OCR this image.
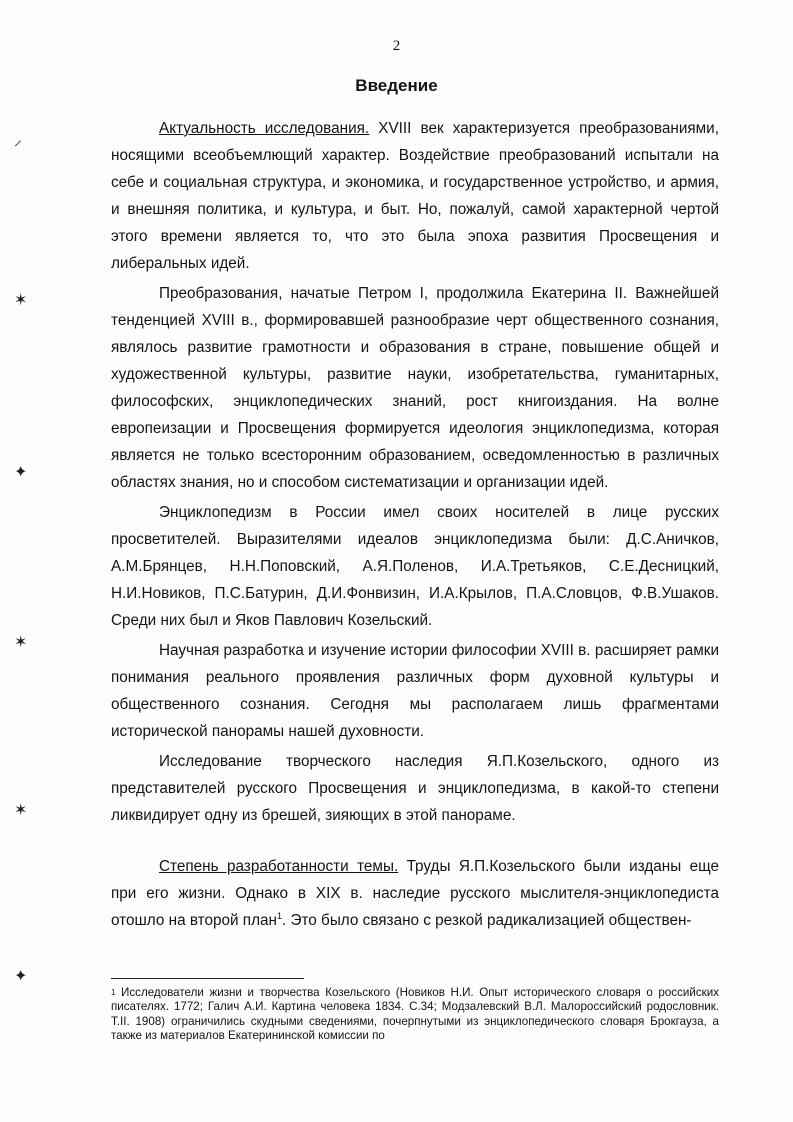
⸝
✶
✦
✶
✶
✦
2
Введение

Актуальность исследования. XVIII век характеризуется преобразованиями, носящими всеобъемлющий характер. Воздействие преобразований испытали на себе и социальная структура, и экономика, и государственное устройство, и армия, и внешняя политика, и культура, и быт. Но, пожалуй, самой характерной чертой этого времени является то, что это была эпоха развития Просвещения и либеральных идей.

Преобразования, начатые Петром I, продолжила Екатерина II. Важнейшей тенденцией XVIII в., формировавшей разнообразие черт общественного сознания, являлось развитие грамотности и образования в стране, повышение общей и художественной культуры, развитие науки, изобретательства, гуманитарных, философских, энциклопедических знаний, рост книгоиздания. На волне европеизации и Просвещения формируется идеология энциклопедизма, которая является не только всесторонним образованием, осведомленностью в различных областях знания, но и способом систематизации и организации идей.

Энциклопедизм в России имел своих носителей в лице русских просветителей. Выразителями идеалов энциклопедизма были: Д.С.Аничков, А.М.Брянцев, Н.Н.Поповский, А.Я.Поленов, И.А.Третьяков, С.Е.Десницкий, Н.И.Новиков, П.С.Батурин, Д.И.Фонвизин, И.А.Крылов, П.А.Словцов, Ф.В.Ушаков. Среди них был и Яков Павлович Козельский.

Научная разработка и изучение истории философии XVIII в. расширяет рамки понимания реального проявления различных форм духовной культуры и общественного сознания. Сегодня мы располагаем лишь фрагментами исторической панорамы нашей духовности.

Исследование творческого наследия Я.П.Козельского, одного из представителей русского Просвещения и энциклопедизма, в какой-то степени ликвидирует одну из брешей, зияющих в этой панораме.

Степень разработанности темы. Труды Я.П.Козельского были изданы еще при его жизни. Однако в XIX в. наследие русского мыслителя-энциклопедиста отошло на второй план$^1$. Это было связано с резкой радикализацией обществен-

$^1$ Исследователи жизни и творчества Козельского (Новиков Н.И. Опыт исторического словаря о российских писателях. 1772; Галич А.И. Картина человека 1834. С.34; Модзалевский В.Л. Малороссийский родословник. Т.II. 1908) ограничились скудными сведениями, почерпнутыми из энциклопедического словаря Брокгауза, а также из материалов Екатерининской комиссии по
